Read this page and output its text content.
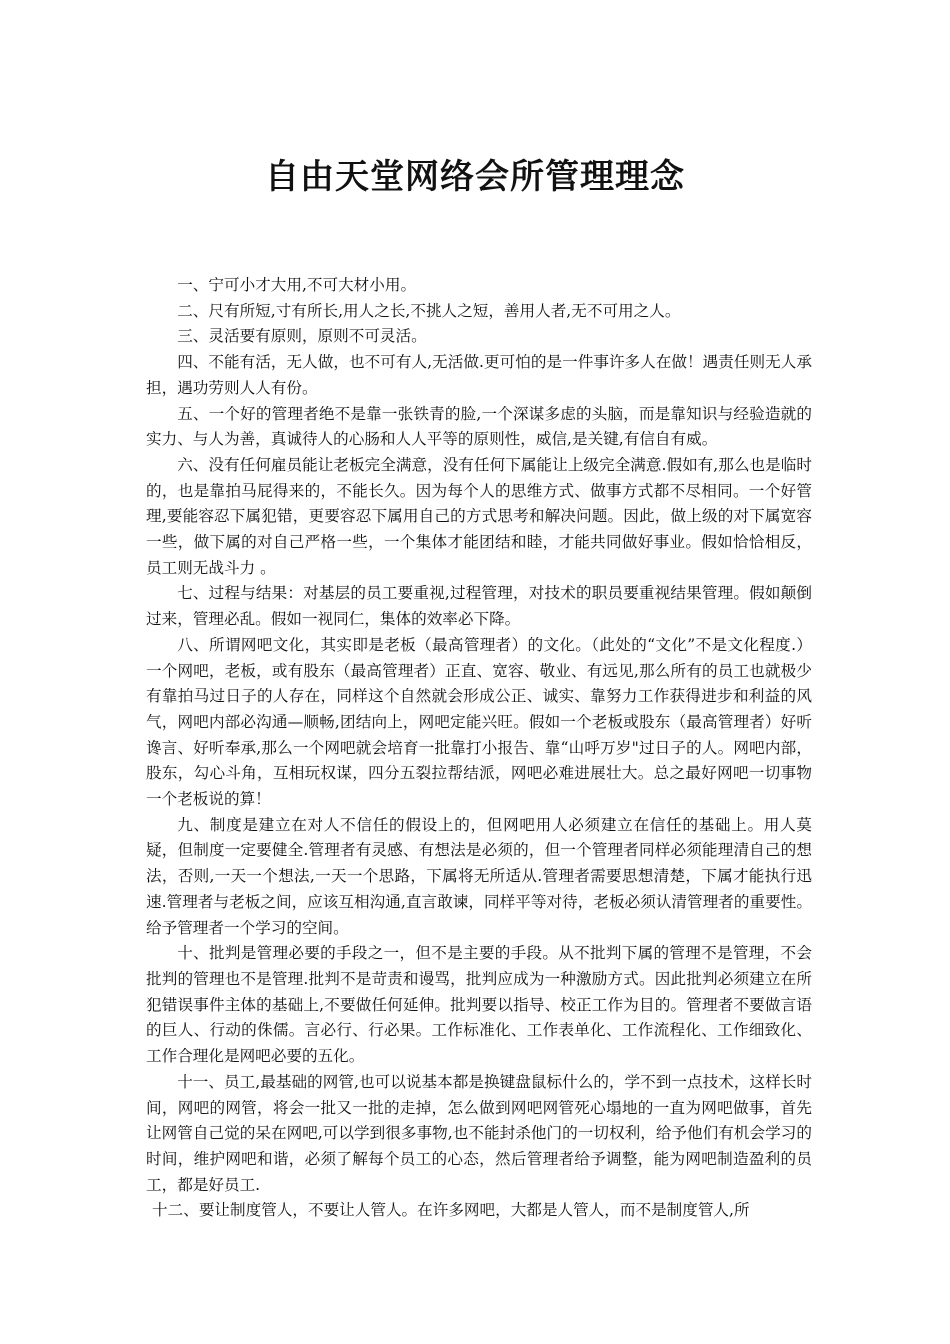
自由天堂网络会所管理理念

一、宁可小才大用,不可大材小用。

二、尺有所短,寸有所长,用人之长,不挑人之短，善用人者,无不可用之人。

三、灵活要有原则，原则不可灵活。

四、不能有活，无人做，也不可有人,无活做.更可怕的是一件事许多人在做！遇责任则无人承担，遇功劳则人人有份。

五、一个好的管理者绝不是靠一张铁青的脸,一个深谋多虑的头脑，而是靠知识与经验造就的实力、与人为善，真诚待人的心肠和人人平等的原则性，威信,是关键,有信自有威。

六、没有任何雇员能让老板完全满意，没有任何下属能让上级完全满意.假如有,那么也是临时的，也是靠拍马屁得来的，不能长久。因为每个人的思维方式、做事方式都不尽相同。一个好管理,要能容忍下属犯错，更要容忍下属用自己的方式思考和解决问题。因此，做上级的对下属宽容一些，做下属的对自己严格一些，一个集体才能团结和睦，才能共同做好事业。假如恰恰相反，员工则无战斗力 。

七、过程与结果：对基层的员工要重视,过程管理，对技术的职员要重视结果管理。假如颠倒过来，管理必乱。假如一视同仁，集体的效率必下降。

八、所谓网吧文化，其实即是老板（最高管理者）的文化。（此处的“文化”不是文化程度.）一个网吧，老板，或有股东（最高管理者）正直、宽容、敬业、有远见,那么所有的员工也就极少有靠拍马过日子的人存在，同样这个自然就会形成公正、诚实、靠努力工作获得进步和利益的风气，网吧内部必沟通—顺畅,团结向上，网吧定能兴旺。假如一个老板或股东（最高管理者）好听谗言、好听奉承,那么一个网吧就会培育一批靠打小报告、靠“山呼万岁"过日子的人。网吧内部，股东，勾心斗角，互相玩权谋，四分五裂拉帮结派，网吧必难进展壮大。总之最好网吧一切事物一个老板说的算！

九、制度是建立在对人不信任的假设上的，但网吧用人必须建立在信任的基础上。用人莫疑，但制度一定要健全.管理者有灵感、有想法是必须的，但一个管理者同样必须能理清自己的想法，否则,一天一个想法,一天一个思路，下属将无所适从.管理者需要思想清楚，下属才能执行迅速.管理者与老板之间，应该互相沟通,直言敢谏，同样平等对待，老板必须认清管理者的重要性。给予管理者一个学习的空间。

十、批判是管理必要的手段之一，但不是主要的手段。从不批判下属的管理不是管理，不会批判的管理也不是管理.批判不是苛责和谩骂，批判应成为一种激励方式。因此批判必须建立在所犯错误事件主体的基础上,不要做任何延伸。批判要以指导、校正工作为目的。管理者不要做言语的巨人、行动的侏儒。言必行、行必果。工作标准化、工作表单化、工作流程化、工作细致化、工作合理化是网吧必要的五化。

十一、员工,最基础的网管,也可以说基本都是换键盘鼠标什么的，学不到一点技术，这样长时间，网吧的网管，将会一批又一批的走掉，怎么做到网吧网管死心塌地的一直为网吧做事，首先让网管自己觉的呆在网吧,可以学到很多事物,也不能封杀他门的一切权利，给予他们有机会学习的时间，维护网吧和谐，必须了解每个员工的心态，然后管理者给予调整，能为网吧制造盈利的员工，都是好员工.

十二、要让制度管人，不要让人管人。在许多网吧，大都是人管人，而不是制度管人,所
